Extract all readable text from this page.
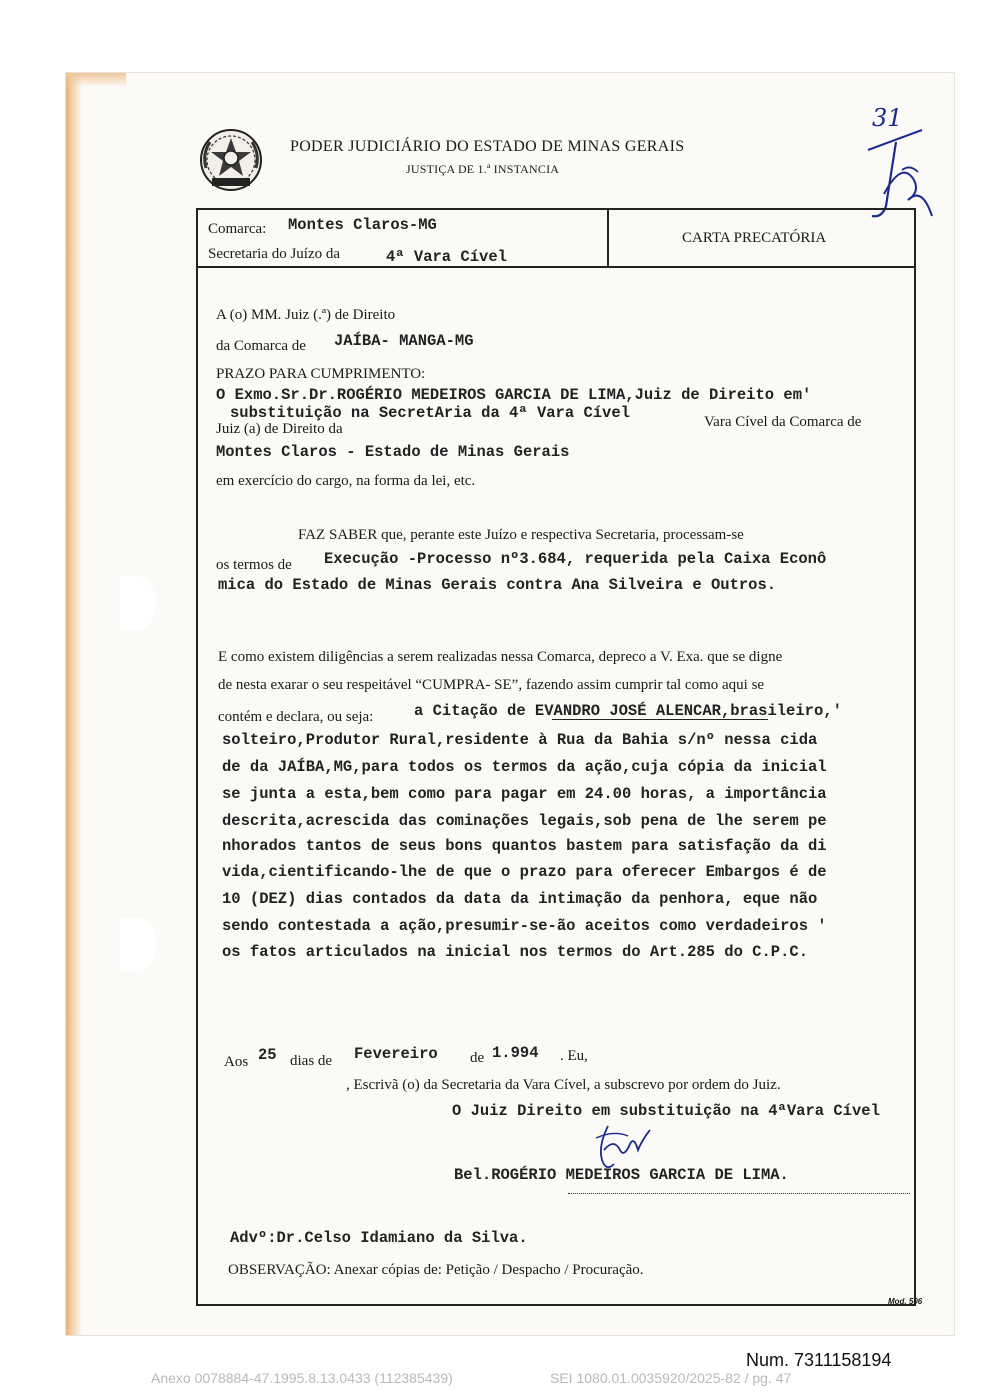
PODER JUDICIÁRIO DO ESTADO DE MINAS GERAIS
JUSTIÇA DE 1.ª INSTANCIA
31
Comarca: Montes Claros-MG
Secretaria do Juízo da	4ª Vara Cível
CARTA PRECATÓRIA
A (o) MM. Juiz (.ª) de Direito
da Comarca de JAÍBA- MANGA-MG
PRAZO PARA CUMPRIMENTO:
O Exmo.Sr.Dr.ROGÉRIO MEDEIROS GARCIA DE LIMA,Juiz de Direito em'
substituição na SecretAria da 4ª Vara Cível
Juiz (a) de Direito da	Vara Cível da Comarca de
Montes Claros - Estado de Minas Gerais
em exercício do cargo, na forma da lei, etc.
FAZ SABER que, perante este Juízo e respectiva Secretaria, processam-se
os termos de Execução -Processo nº3.684, requerida pela Caixa Econô
mica do Estado de Minas Gerais contra Ana Silveira e Outros.
E como existem diligências a serem realizadas nessa Comarca, depreco a V. Exa. que se digne
de nesta exarar o seu respeitável “CUMPRA- SE”, fazendo assim cumprir tal como aqui se
contém e declara, ou seja:	a Citação de EVANDRO JOSÉ ALENCAR,brasileiro,'
solteiro,Produtor Rural,residente à Rua da Bahia s/nº nessa cida
de da JAÍBA,MG,para todos os termos da ação,cuja cópia da inicial
se junta a esta,bem como para pagar em 24.00 horas, a importância
descrita,acrescida das cominações legais,sob pena de lhe serem pe
nhorados tantos de seus bons quantos bastem para satisfação da di
vida,cientificando-lhe de que o prazo para oferecer Embargos é de
10 (DEZ) dias contados da data da intimação da penhora, eque não
sendo contestada a ação,presumir-se-ão aceitos como verdadeiros '
os fatos articulados na inicial nos termos do Art.285 do C.P.C.
Aos 25 dias de Fevereiro de 1.994 . Eu,
, Escrivã (o) da Secretaria da Vara Cível, a subscrevo por ordem do Juiz.
O Juiz Direito em substituição na 4ªVara Cível
Bel.ROGÉRIO MEDEIROS GARCIA DE LIMA.
Advº:Dr.Celso Idamiano da Silva.
OBSERVAÇÃO: Anexar cópias de: Petição / Despacho / Procuração.
Mod. 506
Num. 7311158194
Anexo 0078884-47.1995.8.13.0433 (112385439)	SEI 1080.01.0035920/2025-82 / pg. 47
